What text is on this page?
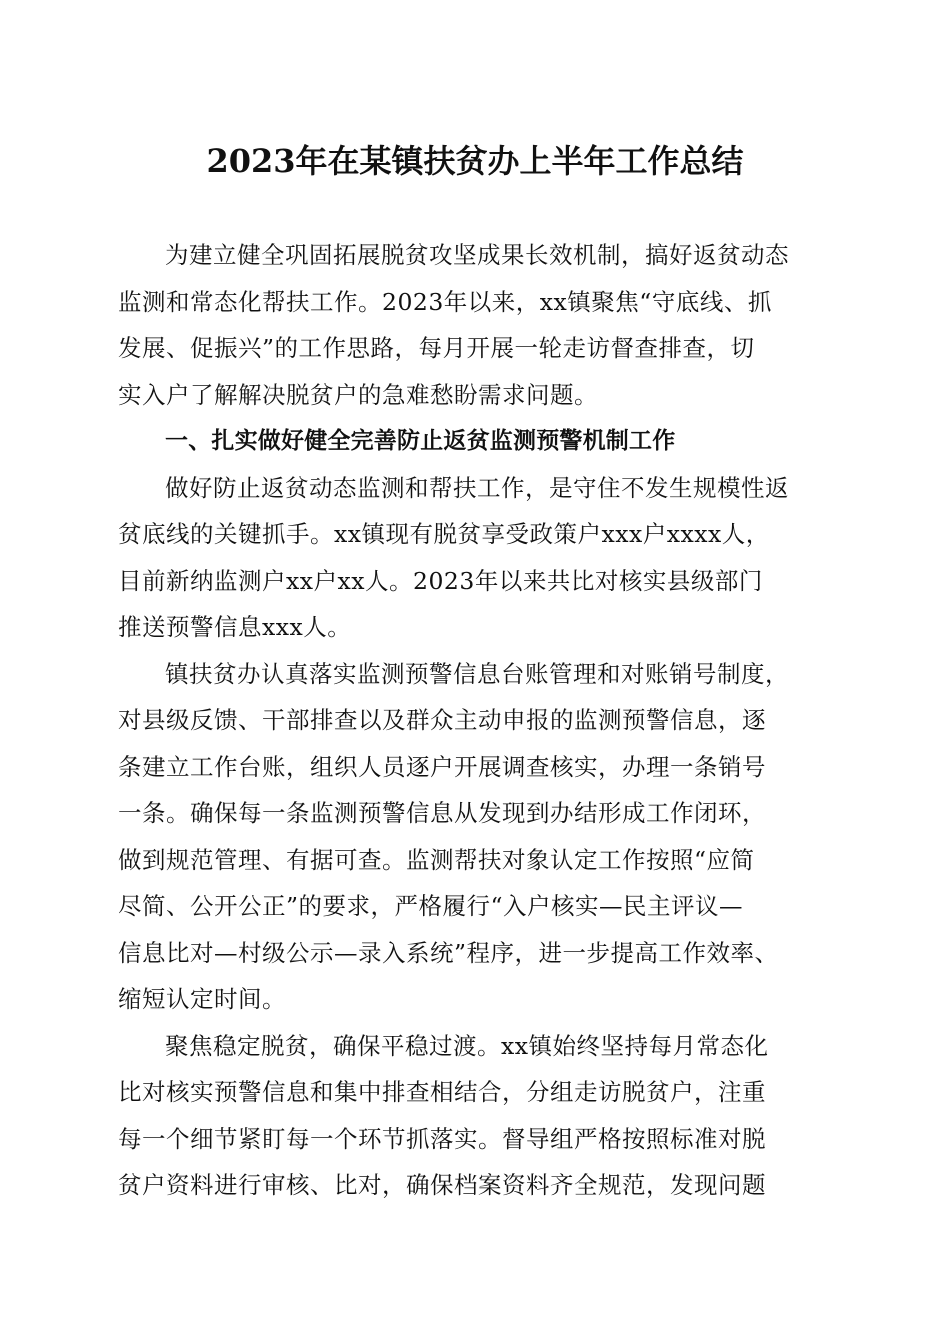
2023年在某镇扶贫办上半年工作总结
为建立健全巩固拓展脱贫攻坚成果长效机制，搞好返贫动态
监测和常态化帮扶工作。2023年以来，xx镇聚焦“守底线、抓
发展、促振兴”的工作思路，每月开展一轮走访督查排查，切
实入户了解解决脱贫户的急难愁盼需求问题。
一、扎实做好健全完善防止返贫监测预警机制工作
做好防止返贫动态监测和帮扶工作，是守住不发生规模性返
贫底线的关键抓手。xx镇现有脱贫享受政策户xxx户xxxx人，
目前新纳监测户xx户xx人。2023年以来共比对核实县级部门
推送预警信息xxx人。
镇扶贫办认真落实监测预警信息台账管理和对账销号制度，
对县级反馈、干部排查以及群众主动申报的监测预警信息，逐
条建立工作台账，组织人员逐户开展调查核实，办理一条销号
一条。确保每一条监测预警信息从发现到办结形成工作闭环，
做到规范管理、有据可查。监测帮扶对象认定工作按照“应简
尽简、公开公正”的要求，严格履行“入户核实—民主评议—
信息比对—村级公示—录入系统”程序，进一步提高工作效率、
缩短认定时间。
聚焦稳定脱贫，确保平稳过渡。xx镇始终坚持每月常态化
比对核实预警信息和集中排查相结合，分组走访脱贫户，注重
每一个细节紧盯每一个环节抓落实。督导组严格按照标准对脱
贫户资料进行审核、比对，确保档案资料齐全规范，发现问题
